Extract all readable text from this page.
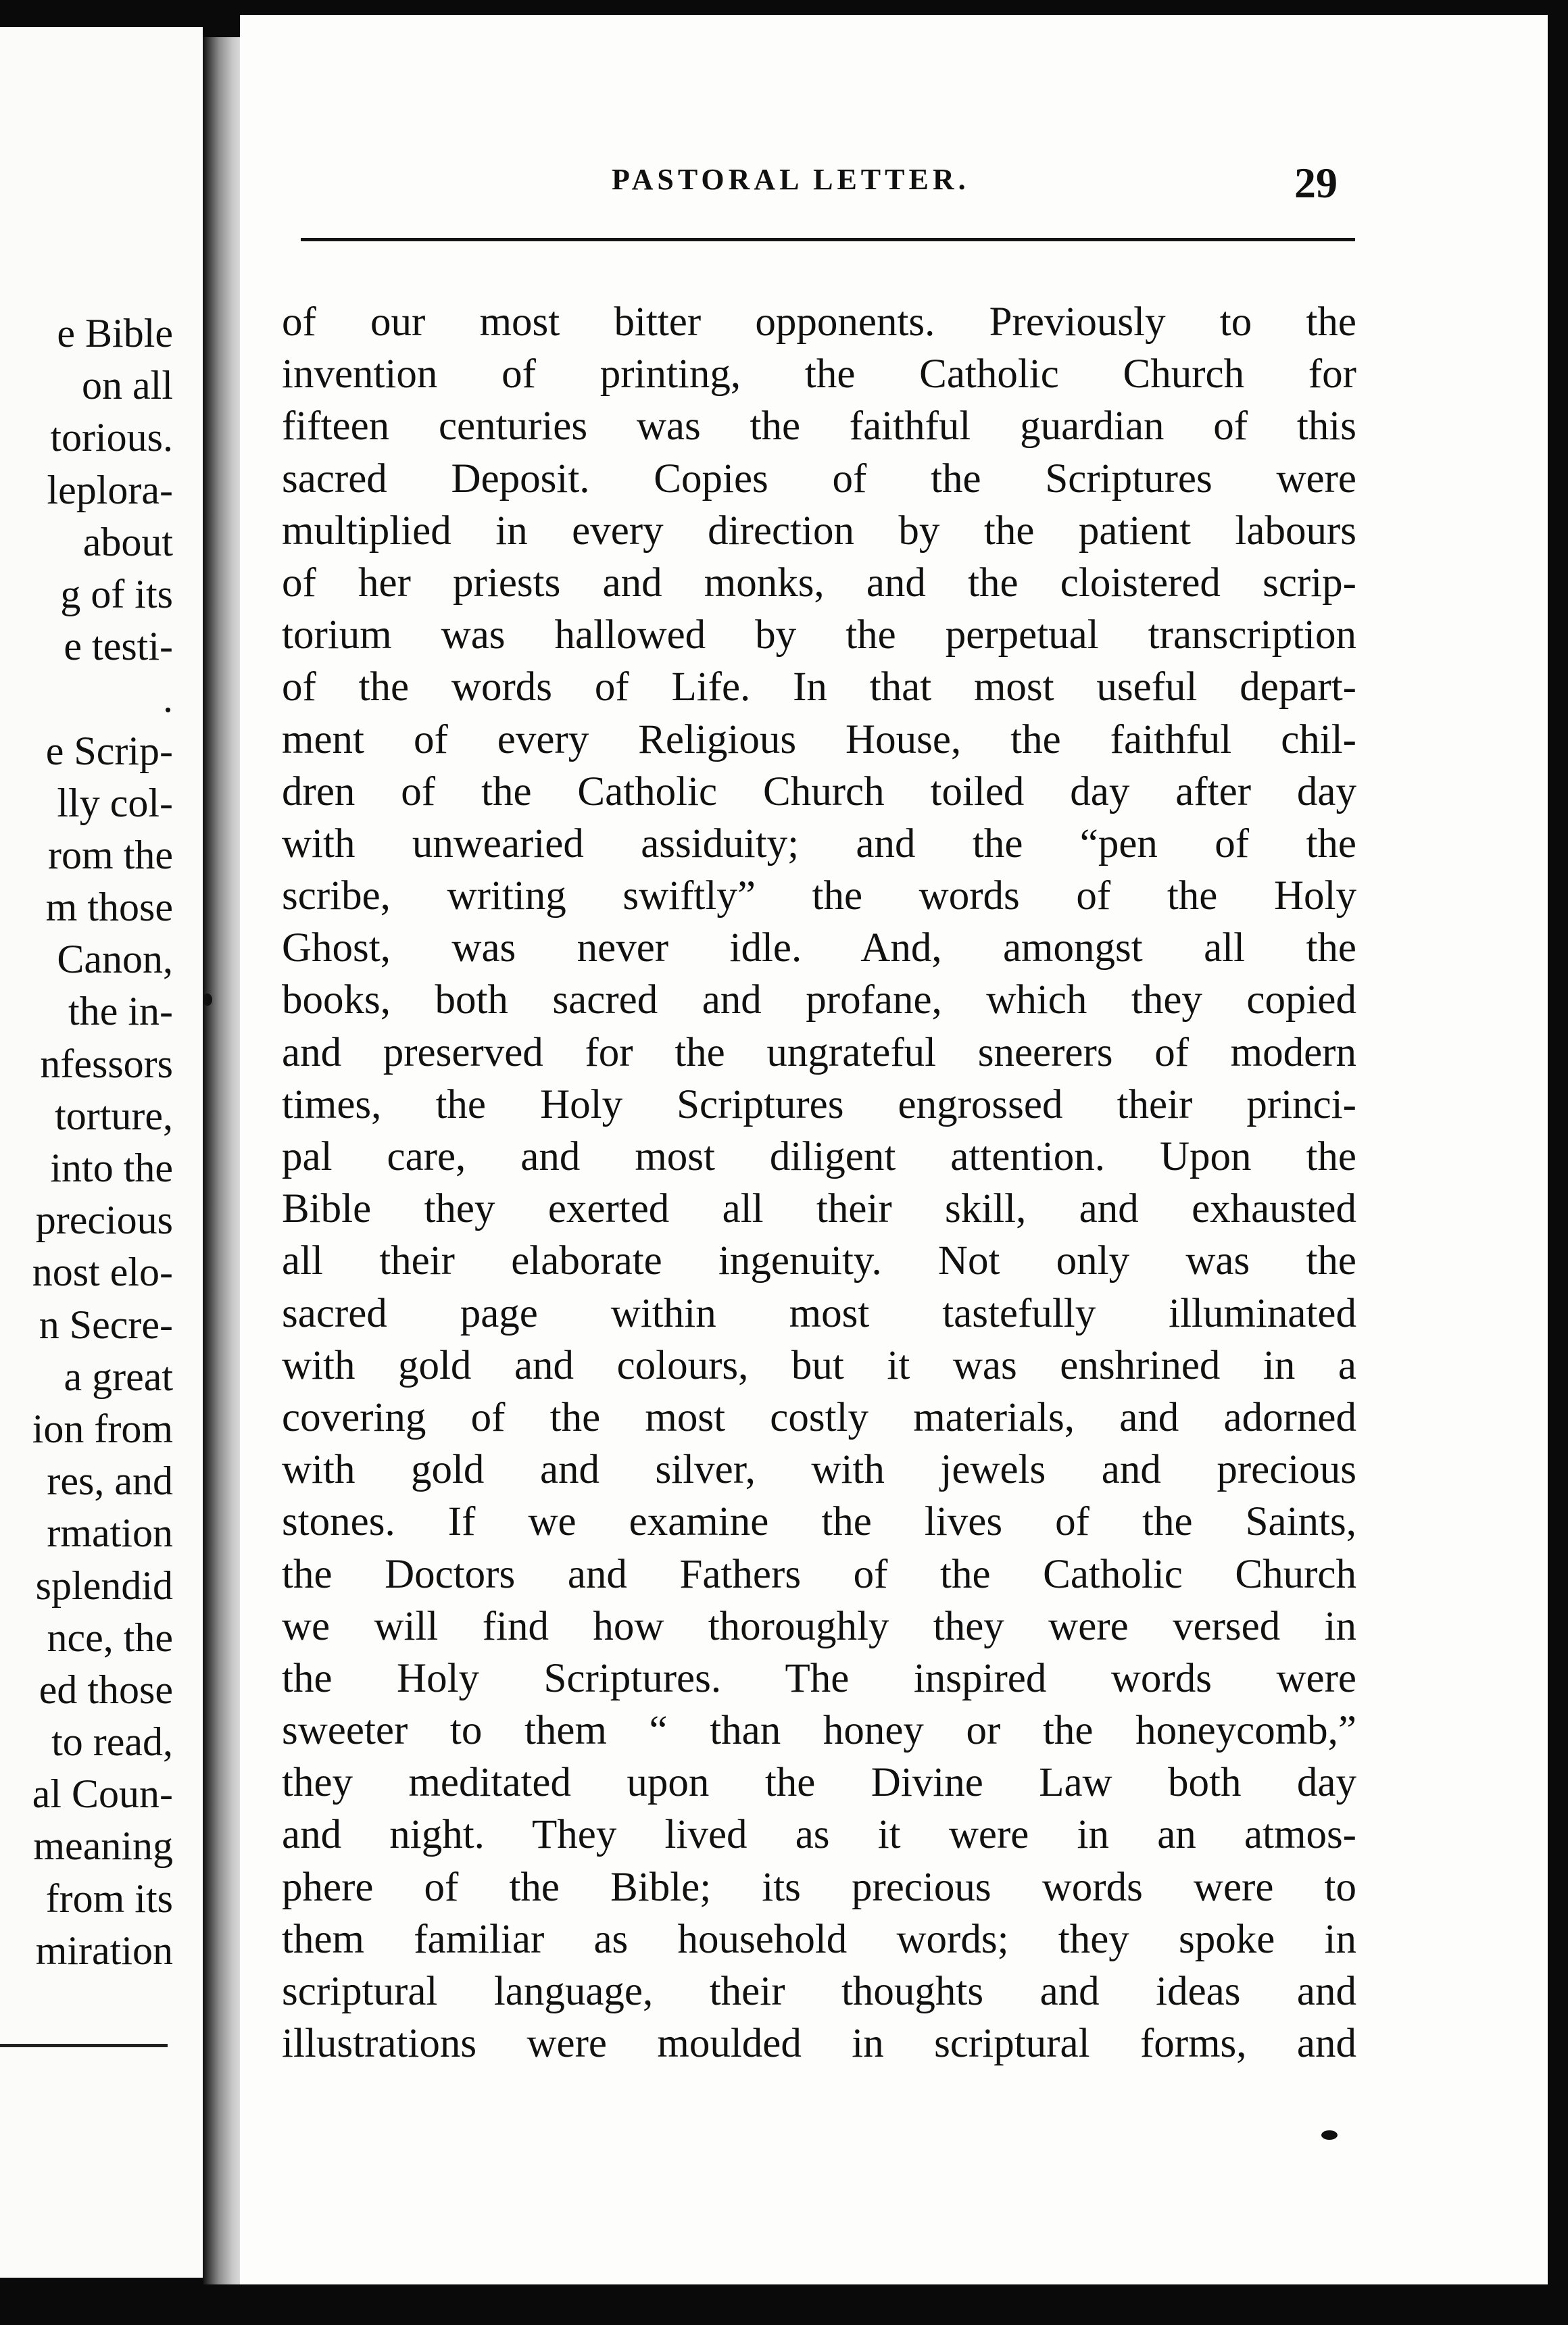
e Bible
on all
torious.
leplora-
about
g of its
e testi-
.
e Scrip-
lly col-
rom the
m those
Canon,
the in-
nfessors
torture,
into the
precious
nost elo-
n Secre-
a great
ion from
res, and
rmation
splendid
nce, the
ed those
to read,
al Coun-
meaning
from its
miration
PASTORAL LETTER.	29
of our most bitter opponents. Previously to the
invention of printing, the Catholic Church for
fifteen centuries was the faithful guardian of this
sacred Deposit. Copies of the Scriptures were
multiplied in every direction by the patient labours
of her priests and monks, and the cloistered scrip-
torium was hallowed by the perpetual transcription
of the words of Life. In that most useful depart-
ment of every Religious House, the faithful chil-
dren of the Catholic Church toiled day after day
with unwearied assiduity; and the “pen of the
scribe, writing swiftly” the words of the Holy
Ghost, was never idle. And, amongst all the
books, both sacred and profane, which they copied
and preserved for the ungrateful sneerers of modern
times, the Holy Scriptures engrossed their princi-
pal care, and most diligent attention. Upon the
Bible they exerted all their skill, and exhausted
all their elaborate ingenuity. Not only was the
sacred page within most tastefully illuminated
with gold and colours, but it was enshrined in a
covering of the most costly materials, and adorned
with gold and silver, with jewels and precious
stones. If we examine the lives of the Saints,
the Doctors and Fathers of the Catholic Church
we will find how thoroughly they were versed in
the Holy Scriptures. The inspired words were
sweeter to them “ than honey or the honeycomb,”
they meditated upon the Divine Law both day
and night. They lived as it were in an atmos-
phere of the Bible; its precious words were to
them familiar as household words; they spoke in
scriptural language, their thoughts and ideas and
illustrations were moulded in scriptural forms, and
